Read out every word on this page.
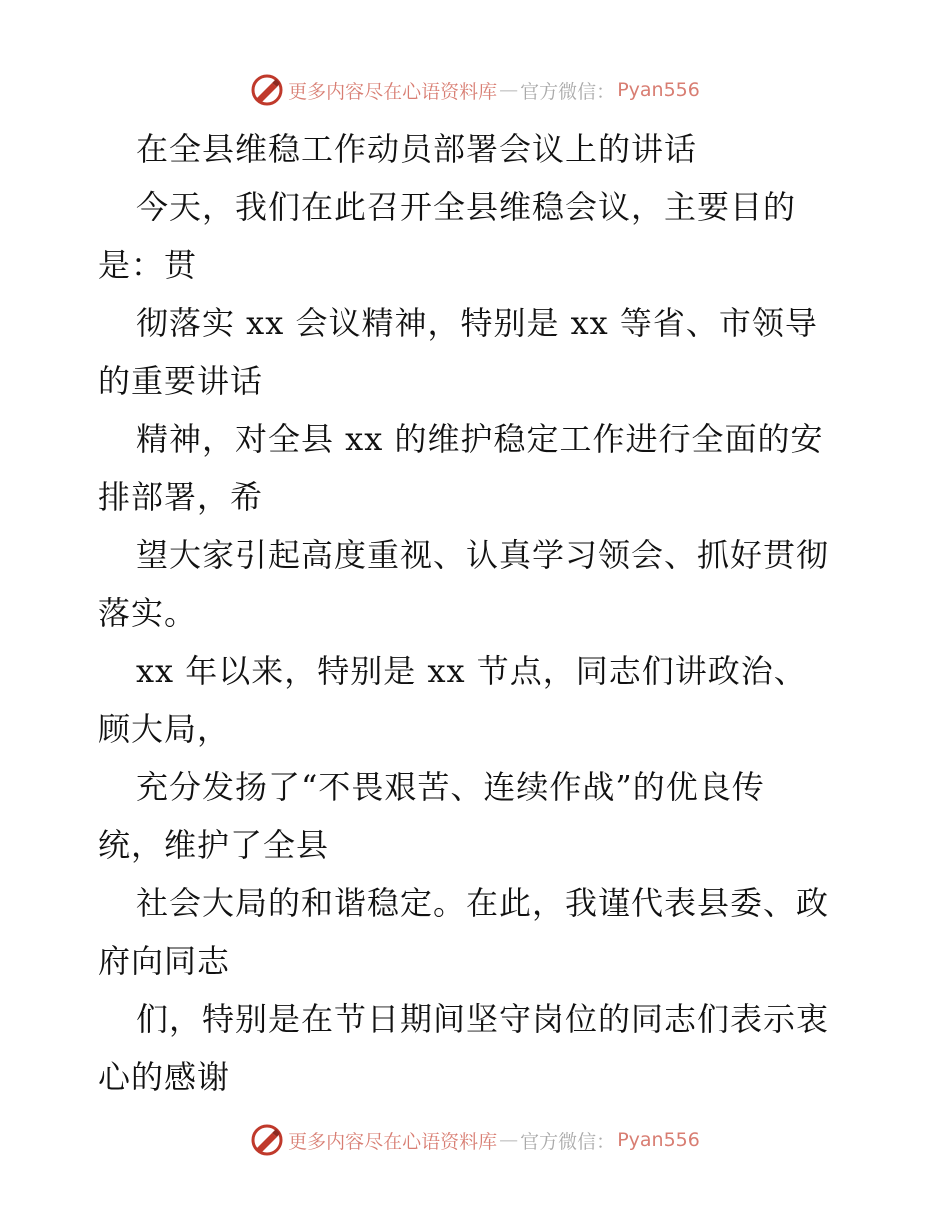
更多内容尽在心语资料库 — 官方微信： Pyan556
在全县维稳工作动员部署会议上的讲话
今天，我们在此召开全县维稳会议，主要目的
是：贯
彻落实 xx 会议精神，特别是 xx 等省、市领导
的重要讲话
精神，对全县 xx 的维护稳定工作进行全面的安
排部署，希
望大家引起高度重视、认真学习领会、抓好贯彻
落实。
xx 年以来，特别是 xx 节点，同志们讲政治、
顾大局，
充分发扬了“不畏艰苦、连续作战”的优良传
统，维护了全县
社会大局的和谐稳定。在此，我谨代表县委、政
府向同志
们，特别是在节日期间坚守岗位的同志们表示衷
心的感谢
更多内容尽在心语资料库 — 官方微信： Pyan556
